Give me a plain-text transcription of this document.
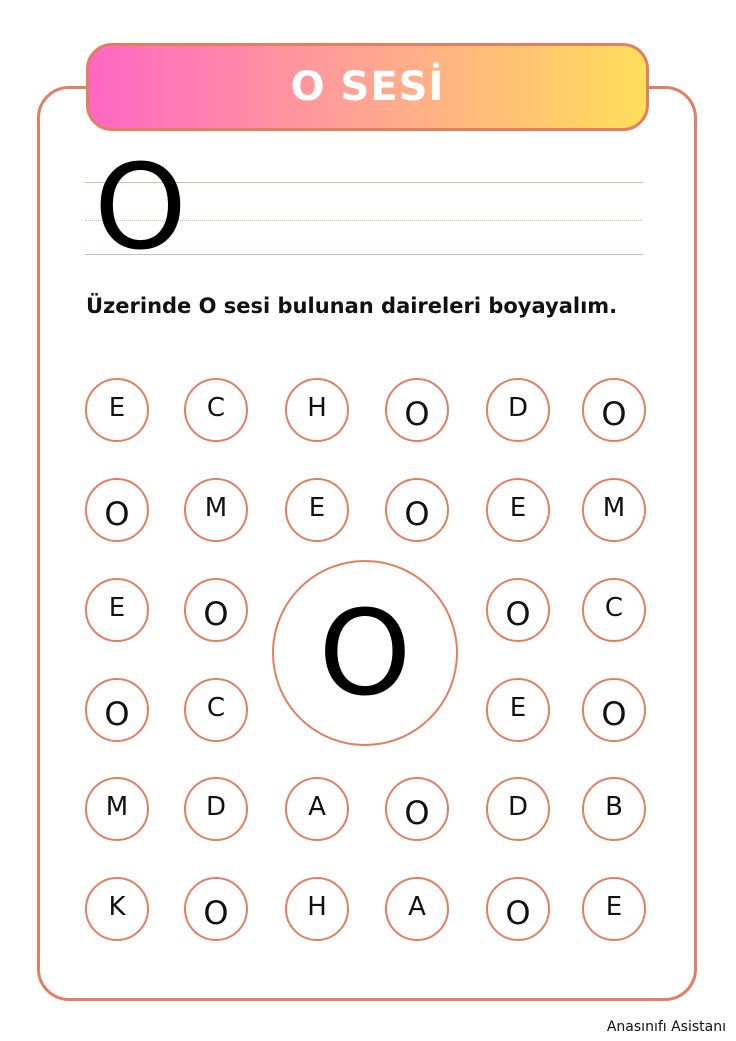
O SESİ
O
Üzerinde O sesi bulunan daireleri boyayalım.
E	C	H O	D O
O	M	E O	E	M
E O	O	C
O	C	E O
M	D	A O	D	B
K O	H	A O	E
O
Anasınıfı Asistanı
